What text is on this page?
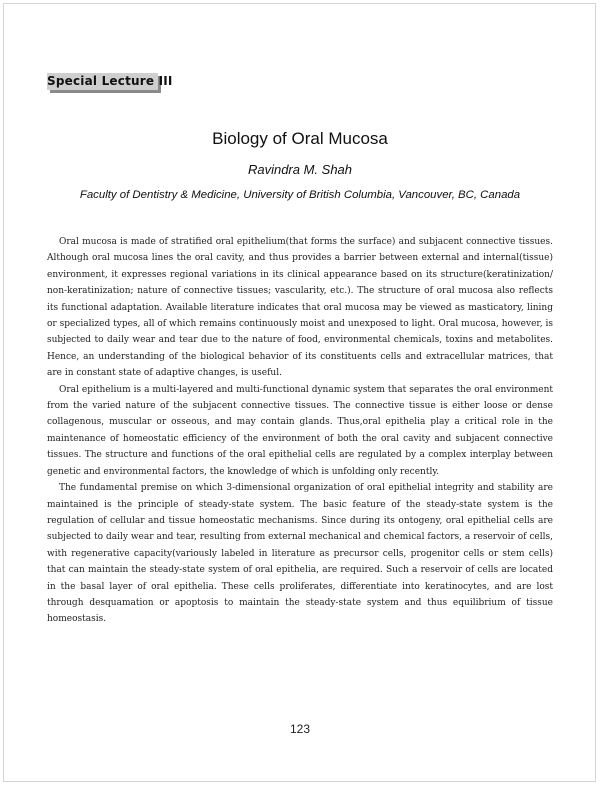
Special Lecture III
Biology of Oral Mucosa
Ravindra M. Shah
Faculty of Dentistry & Medicine, University of British Columbia, Vancouver, BC, Canada

Oral mucosa is made of stratified oral epithelium(that forms the surface) and subjacent connective tissues. Although oral mucosa lines the oral cavity, and thus provides a barrier between external and internal(tissue) environment, it expresses regional variations in its clinical appearance based on its structure(keratinization/ non-keratinization; nature of connective tissues; vascularity, etc.). The structure of oral mucosa also reflects its functional adaptation. Available literature indicates that oral mucosa may be viewed as masticatory, lining or specialized types, all of which remains continuously moist and unexposed to light. Oral mucosa, however, is subjected to daily wear and tear due to the nature of food, environmental chemicals, toxins and metabolites. Hence, an understanding of the biological behavior of its constituents cells and extracellular matrices, that are in constant state of adaptive changes, is useful.

Oral epithelium is a multi-layered and multi-functional dynamic system that separates the oral environment from the varied nature of the subjacent connective tissues. The connective tissue is either loose or dense collagenous, muscular or osseous, and may contain glands. Thus,oral epithelia play a critical role in the maintenance of homeostatic efficiency of the environment of both the oral cavity and subjacent connective tissues. The structure and functions of the oral epithelial cells are regulated by a complex interplay between genetic and environmental factors, the knowledge of which is unfolding only recently.

The fundamental premise on which 3-dimensional organization of oral epithelial integrity and stability are maintained is the principle of steady-state system. The basic feature of the steady-state system is the regulation of cellular and tissue homeostatic mechanisms. Since during its ontogeny, oral epithelial cells are subjected to daily wear and tear, resulting from external mechanical and chemical factors, a reservoir of cells, with regenerative capacity(variously labeled in literature as precursor cells, progenitor cells or stem cells) that can maintain the steady-state system of oral epithelia, are required. Such a reservoir of cells are located in the basal layer of oral epithelia. These cells proliferates, differentiate into keratinocytes, and are lost through desquamation or apoptosis to maintain the steady-state system and thus equilibrium of tissue homeostasis.

123
